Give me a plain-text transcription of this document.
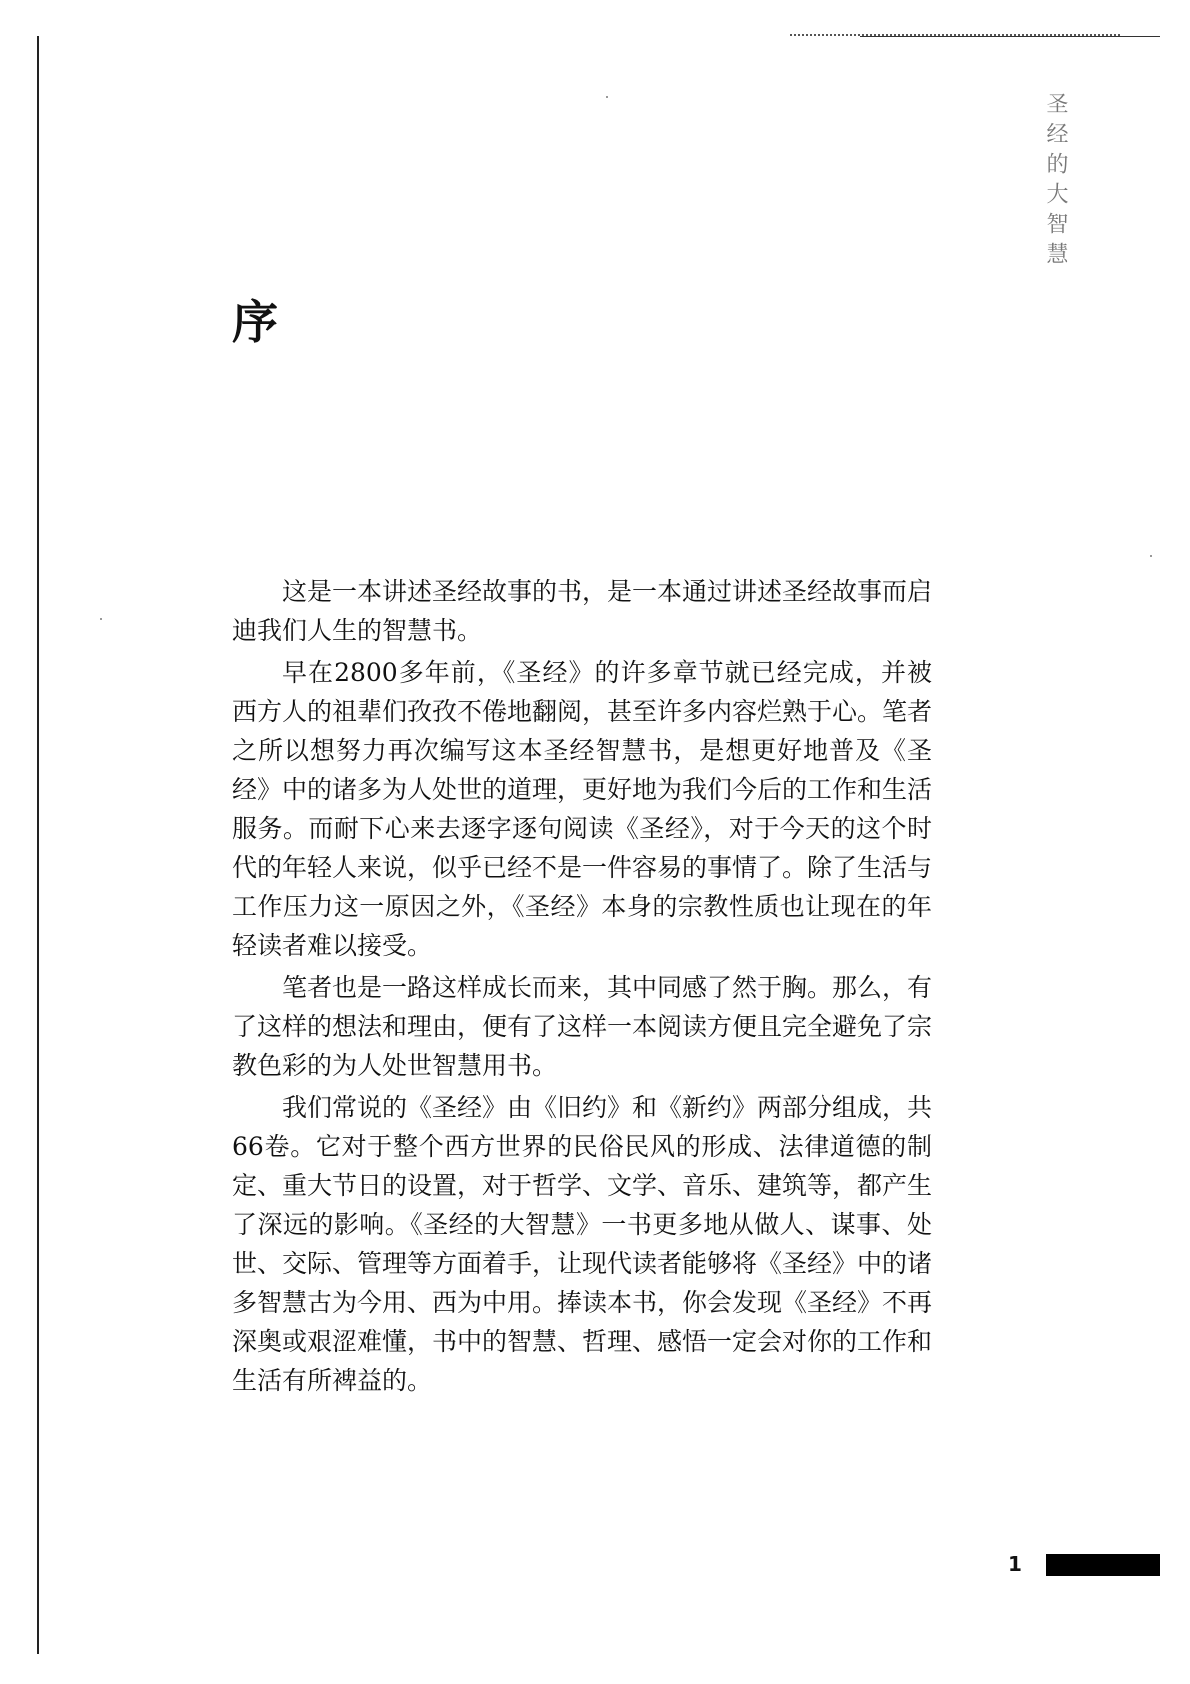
圣经的大智慧
序

这是一本讲述圣经故事的书，是一本通过讲述圣经故事而启迪我们人生的智慧书。

早在2800多年前，《圣经》的许多章节就已经完成，并被西方人的祖辈们孜孜不倦地翻阅，甚至许多内容烂熟于心。笔者之所以想努力再次编写这本圣经智慧书，是想更好地普及《圣经》中的诸多为人处世的道理，更好地为我们今后的工作和生活服务。而耐下心来去逐字逐句阅读《圣经》，对于今天的这个时代的年轻人来说，似乎已经不是一件容易的事情了。除了生活与工作压力这一原因之外，《圣经》本身的宗教性质也让现在的年轻读者难以接受。

笔者也是一路这样成长而来，其中同感了然于胸。那么，有了这样的想法和理由，便有了这样一本阅读方便且完全避免了宗教色彩的为人处世智慧用书。

我们常说的《圣经》由《旧约》和《新约》两部分组成，共66卷。它对于整个西方世界的民俗民风的形成、法律道德的制定、重大节日的设置，对于哲学、文学、音乐、建筑等，都产生了深远的影响。《圣经的大智慧》一书更多地从做人、谋事、处世、交际、管理等方面着手，让现代读者能够将《圣经》中的诸多智慧古为今用、西为中用。捧读本书，你会发现《圣经》不再深奥或艰涩难懂，书中的智慧、哲理、感悟一定会对你的工作和生活有所裨益的。

1
